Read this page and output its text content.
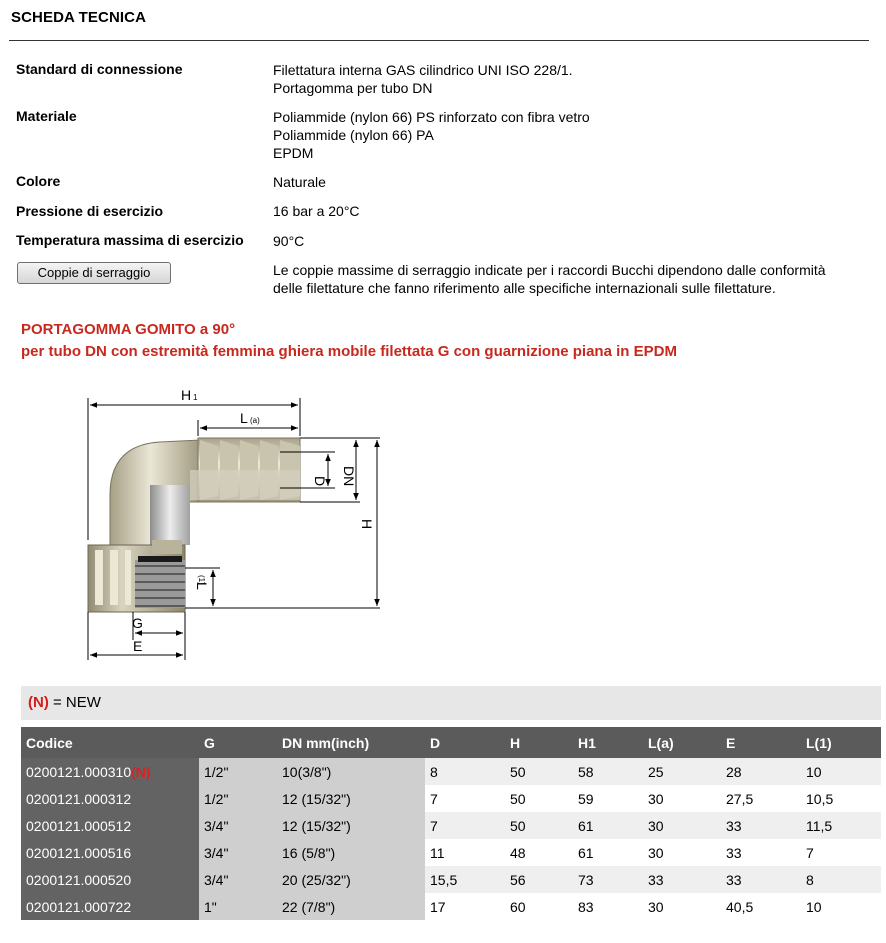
SCHEDA TECNICA
Standard di connessione	Filettatura interna GAS cilindrico UNI ISO 228/1.
Portagomma per tubo DN
Materiale	Poliammide (nylon 66) PS rinforzato con fibra vetro
Poliammide (nylon 66) PA
EPDM
Colore	Naturale
Pressione di esercizio	16 bar a 20°C
Temperatura massima di esercizio 90°C
Coppie di serraggio	Le coppie massime di serraggio indicate per i raccordi Bucchi dipendono dalle conformità
delle filettature che fanno riferimento alle specifiche internazionali sulle filettature.
PORTAGOMMA GOMITO a 90°
per tubo DN con estremità femmina ghiera mobile filettata G con guarnizione piana in EPDM
H 1
L (a)
D DN
H
L
(1)
G
E
(N) = NEW
Codice	G	DN mm(inch)	D	H	H1	L(a)	E	L(1)
0200121.000310(N)	1/2"	10(3/8")	8	50	58	25	28	10
0200121.000312	1/2"	12 (15/32")	7	50	59	30	27,5	10,5
0200121.000512	3/4"	12 (15/32")	7	50	61	30	33	11,5
0200121.000516	3/4"	16 (5/8")	11	48	61	30	33	7
0200121.000520	3/4"	20 (25/32")	15,5	56	73	33	33	8
0200121.000722	1"	22 (7/8")	17	60	83	30	40,5	10
